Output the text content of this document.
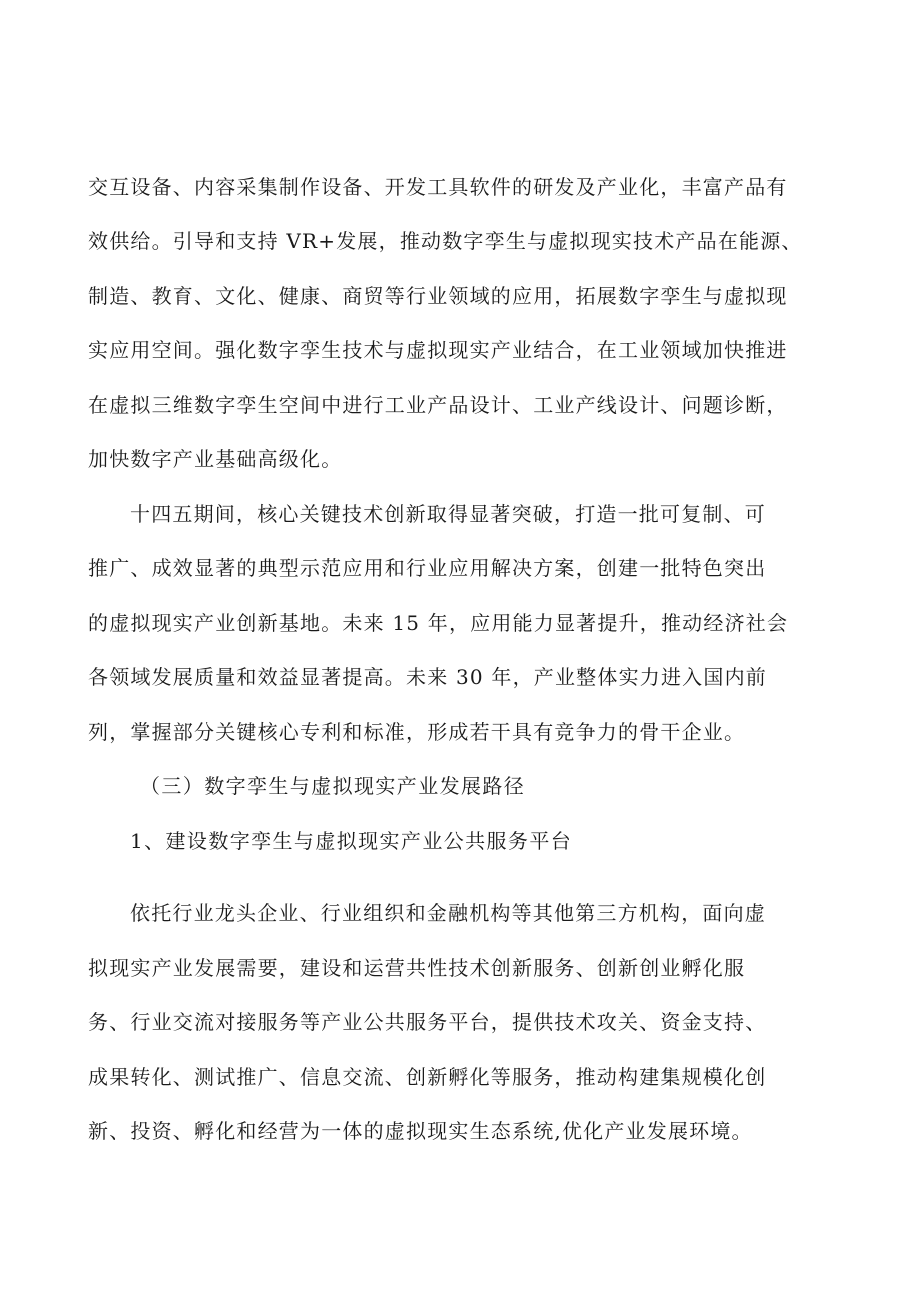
交互设备、内容采集制作设备、开发工具软件的研发及产业化，丰富产品有

效供给。引导和支持 VR+发展，推动数字孪生与虚拟现实技术产品在能源、

制造、教育、文化、健康、商贸等行业领域的应用，拓展数字孪生与虚拟现

实应用空间。强化数字孪生技术与虚拟现实产业结合，在工业领域加快推进

在虚拟三维数字孪生空间中进行工业产品设计、工业产线设计、问题诊断，

加快数字产业基础高级化。

十四五期间，核心关键技术创新取得显著突破，打造一批可复制、可

推广、成效显著的典型示范应用和行业应用解决方案，创建一批特色突出

的虚拟现实产业创新基地。未来 15 年，应用能力显著提升，推动经济社会

各领域发展质量和效益显著提高。未来 30 年，产业整体实力进入国内前

列，掌握部分关键核心专利和标准，形成若干具有竞争力的骨干企业。

（三）数字孪生与虚拟现实产业发展路径

1、建设数字孪生与虚拟现实产业公共服务平台

依托行业龙头企业、行业组织和金融机构等其他第三方机构，面向虚

拟现实产业发展需要，建设和运营共性技术创新服务、创新创业孵化服

务、行业交流对接服务等产业公共服务平台，提供技术攻关、资金支持、

成果转化、测试推广、信息交流、创新孵化等服务，推动构建集规模化创

新、投资、孵化和经营为一体的虚拟现实生态系统,优化产业发展环境。
